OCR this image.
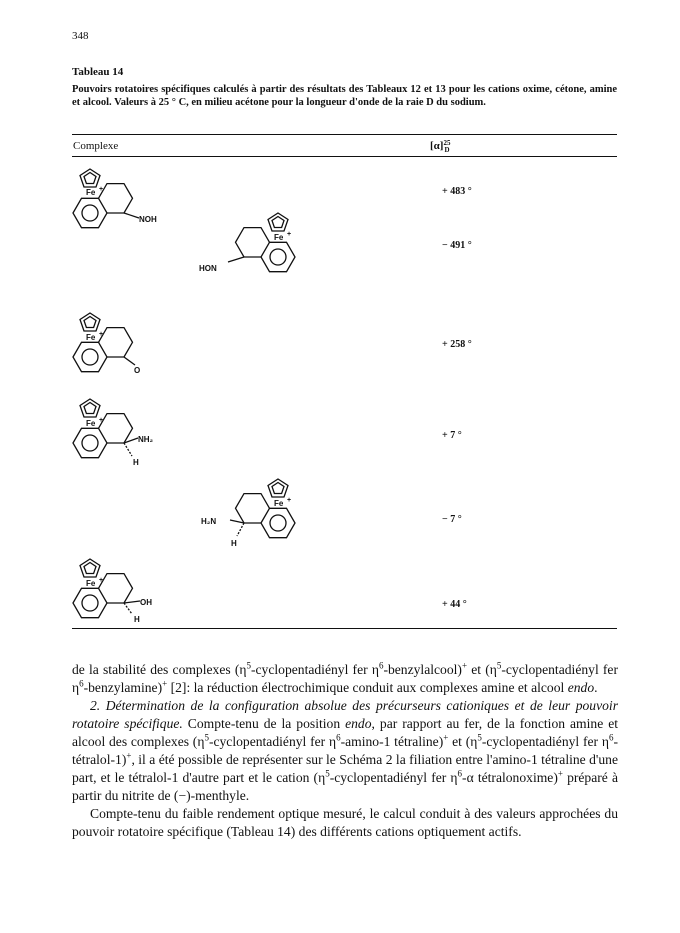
348
Tableau 14
Pouvoirs rotatoires spécifiques calculés à partir des résultats des Tableaux 12 et 13 pour les cations oxime, cétone, amine et alcool. Valeurs à 25 ° C, en milieu acétone pour la longueur d'onde de la raie D du sodium.
Complexe	[α]25
D
NOH
Fe +
HON
Fe +
O
Fe +
NH₂
H
Fe +
H₂N
H
Fe +
OH
H
Fe +
+ 483 °
− 491 °
+ 258 °
+ 7 °
− 7 °
+ 44 °

de la stabilité des complexes ($\eta^5$-cyclopentadiényl fer $\eta^6-benzylalcool)^+$ et ($\eta^5$-cyclopentadiényl fer $\eta^6-benzylamine)^+$ [2]: la réduction électrochimique conduit aux complexes amine et alcool endo.

2. Détermination de la configuration absolue des précurseurs cationiques et de leur pouvoir rotatoire spécifique. Compte-tenu de la position endo, par rapport au fer, de la fonction amine et alcool des complexes ($\eta^5$-cyclopentadiényl fer $\eta^6-amino-1$ tétraline)+ et ($\eta^5$-cyclopentadiényl fer $\eta^6-tétralol-1)^+$, il a été possible de représenter sur le Schéma 2 la filiation entre l'amino-1 tétraline d'une part, et le tétralol-1 d'autre part et le cation ($\eta^5$-cyclopentadiényl fer $\eta^6-\alpha$ tétralonoxime)+ préparé à partir du nitrite de (−)-menthyle.

Compte-tenu du faible rendement optique mesuré, le calcul conduit à des valeurs approchées du pouvoir rotatoire spécifique (Tableau 14) des différents cations optiquement actifs.
